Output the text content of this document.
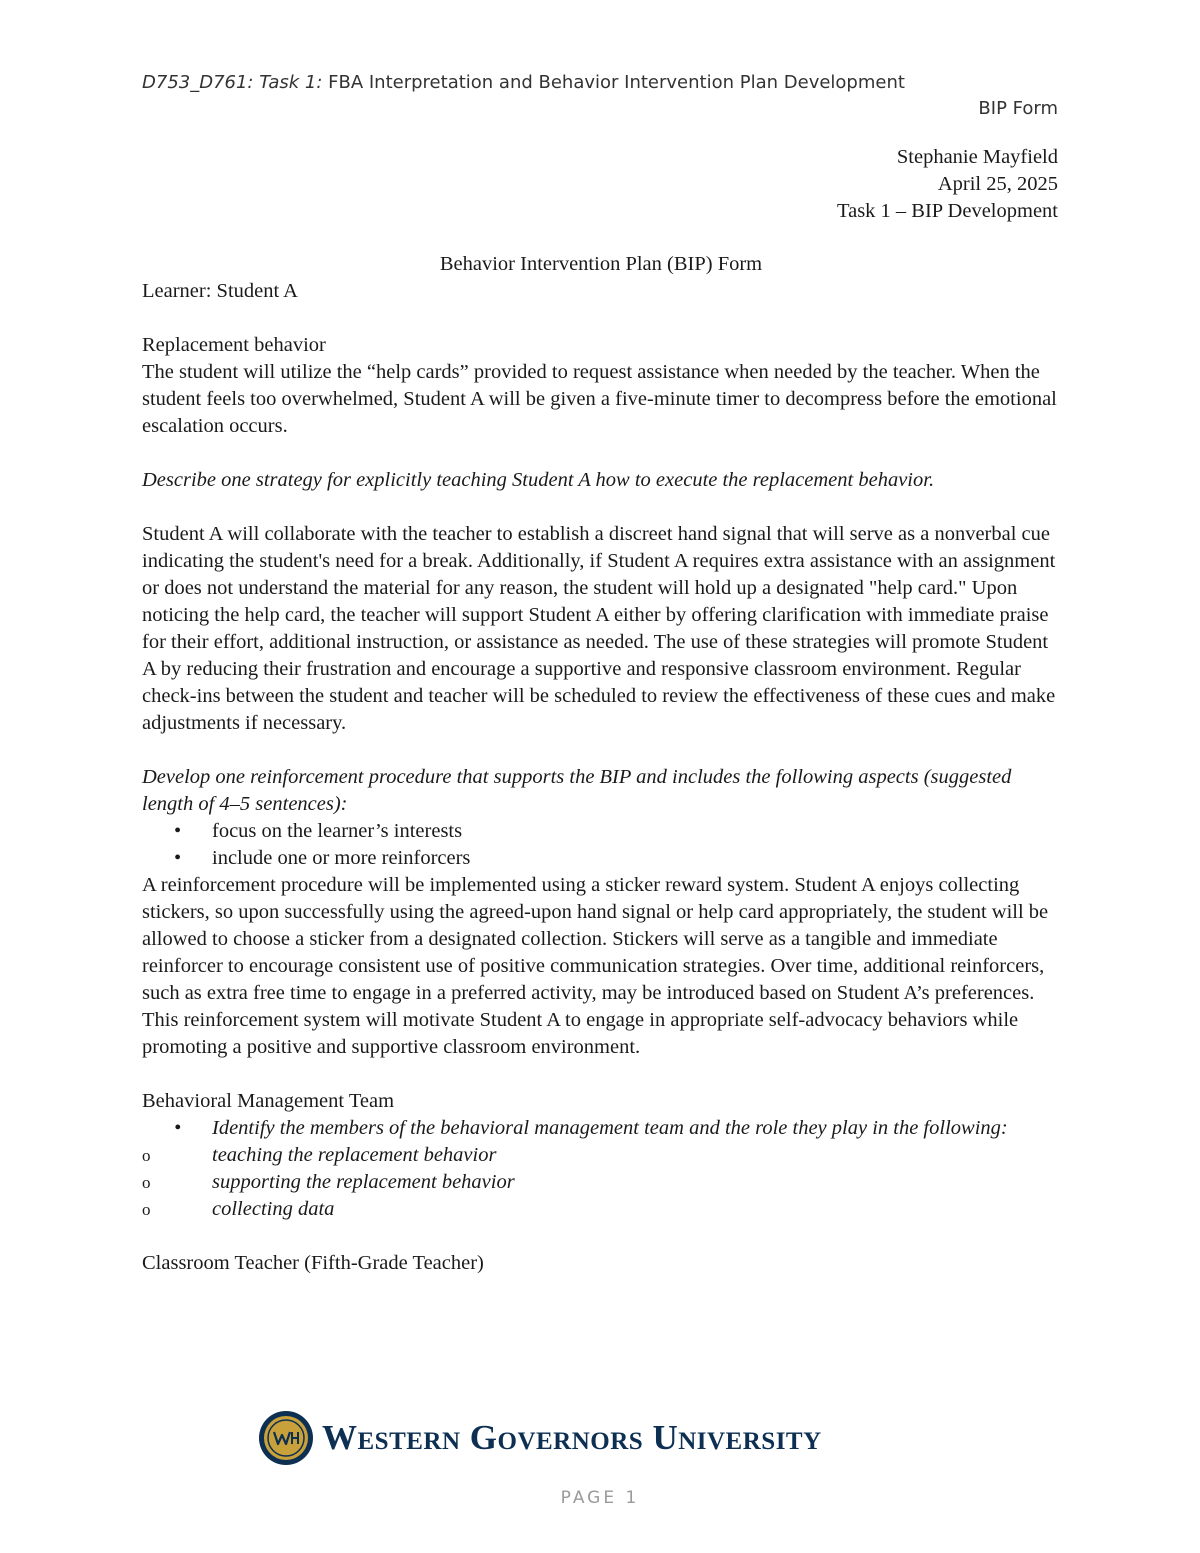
D753_D761: Task 1: FBA Interpretation and Behavior Intervention Plan Development
BIP Form
Stephanie Mayfield
April 25, 2025
Task 1 – BIP Development

Behavior Intervention Plan (BIP) Form

Learner: Student A

Replacement behavior

The student will utilize the “help cards” provided to request assistance when needed by the teacher. When the student feels too overwhelmed, Student A will be given a five-minute timer to decompress before the emotional escalation occurs.

Describe one strategy for explicitly teaching Student A how to execute the replacement behavior.

Student A will collaborate with the teacher to establish a discreet hand signal that will serve as a nonverbal cue indicating the student's need for a break. Additionally, if Student A requires extra assistance with an assignment or does not understand the material for any reason, the student will hold up a designated "help card." Upon noticing the help card, the teacher will support Student A either by offering clarification with immediate praise for their effort, additional instruction, or assistance as needed. The use of these strategies will promote Student A by reducing their frustration and encourage a supportive and responsive classroom environment. Regular check-ins between the student and teacher will be scheduled to review the effectiveness of these cues and make adjustments if necessary.

Develop one reinforcement procedure that supports the BIP and includes the following aspects (suggested length of 4–5 sentences):

• focus on the learner’s interests
• include one or more reinforcers

A reinforcement procedure will be implemented using a sticker reward system. Student A enjoys collecting stickers, so upon successfully using the agreed-upon hand signal or help card appropriately, the student will be allowed to choose a sticker from a designated collection. Stickers will serve as a tangible and immediate reinforcer to encourage consistent use of positive communication strategies. Over time, additional reinforcers, such as extra free time to engage in a preferred activity, may be introduced based on Student A’s preferences. This reinforcement system will motivate Student A to engage in appropriate self-advocacy behaviors while promoting a positive and supportive classroom environment.

Behavioral Management Team

• Identify the members of the behavioral management team and the role they play in the following:
o teaching the replacement behavior
o supporting the replacement behavior
o collecting data

Classroom Teacher (Fifth-Grade Teacher)

Western Governors University
PAGE 1
